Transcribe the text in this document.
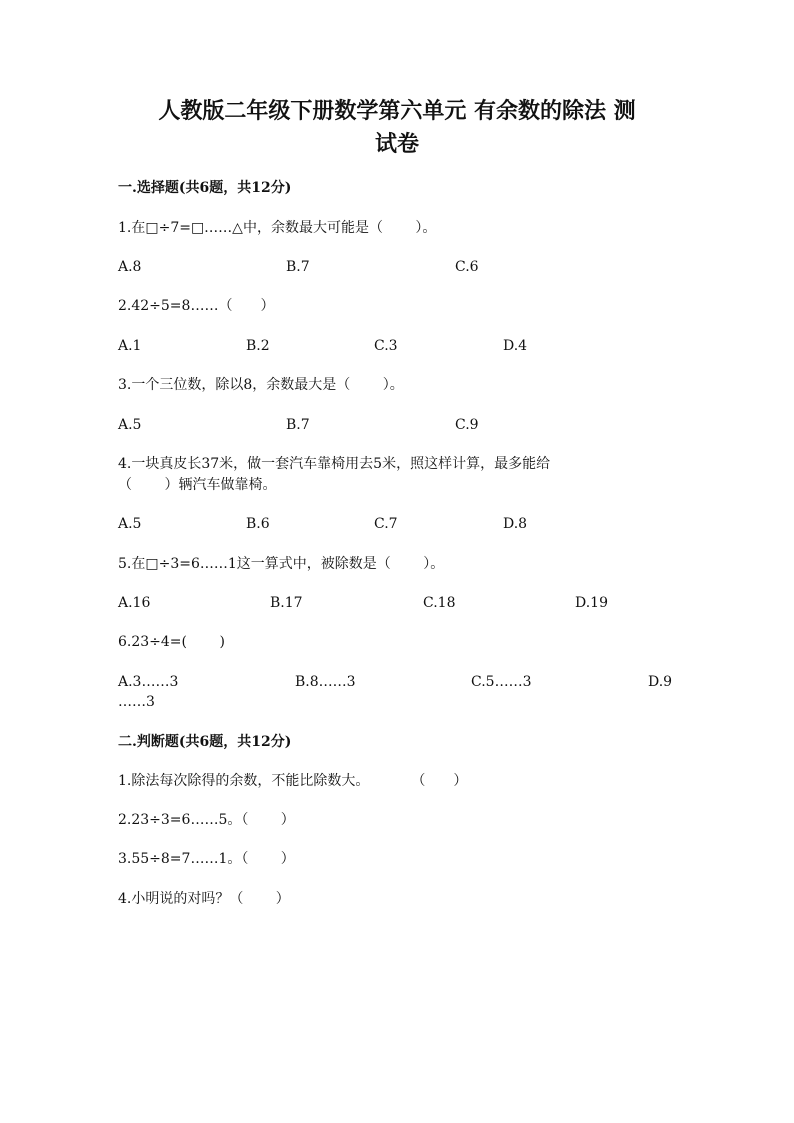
人教版二年级下册数学第六单元 有余数的除法 测
试卷
一.选择题(共6题，共12分)
1.在□÷7=□……△中，余数最大可能是（　　 ）。
A.8	B.7	C.6
2.42÷5=8……（　　）
A.1	B.2	C.3	D.4
3.一个三位数，除以8，余数最大是（　　 ）。
A.5	B.7	C.9
4.一块真皮长37米，做一套汽车靠椅用去5米，照这样计算，最多能给
（　　 ）辆汽车做靠椅。
A.5	B.6	C.7	D.8
5.在□÷3=6……1这一算式中，被除数是（　　 ）。
A.16	B.17	C.18	D.19
6.23÷4=(　　 )
A.3……3	B.8……3	C.5……3	D.9
……3
二.判断题(共6题，共12分)
1.除法每次除得的余数，不能比除数大。　　　　（　　）
2.23÷3=6……5。（　　 ）
3.55÷8=7……1。（　　 ）
4.小明说的对吗？（　　 ）
